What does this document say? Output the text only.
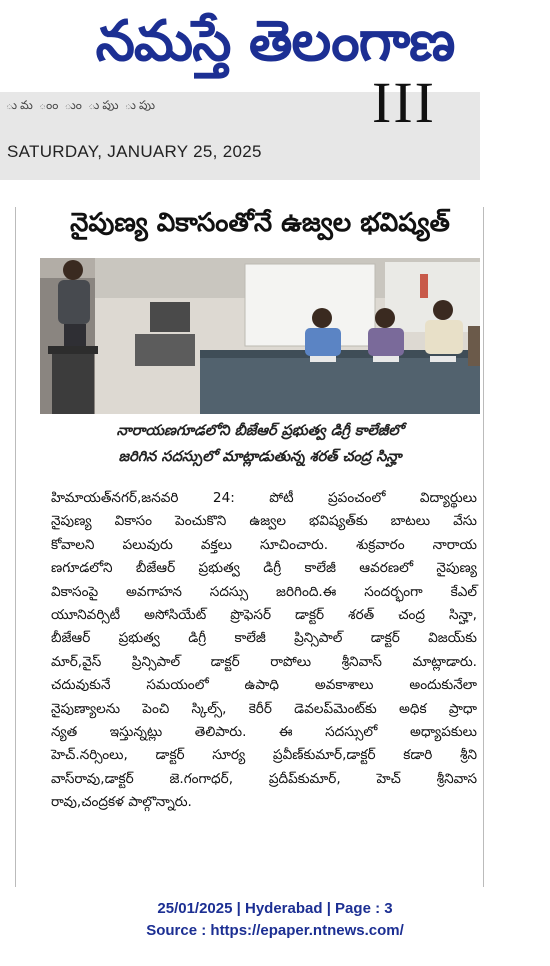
నమస్తే తెలంగాణ
ుమ ంం ుం ుపుు ుపుు	III
SATURDAY, JANUARY 25, 2025
నైపుణ్య వికాసంతోనే ఉజ్వల భవిష్యత్
నారాయణగూడలోని బీజేఆర్ ప్రభుత్వ డిగ్రీ కాలేజీలో
జరిగిన సదస్సులో మాట్లాడుతున్న శరత్ చంద్ర సిన్హా
హిమాయత్‌నగర్,జనవరి 24: పోటీ ప్రపంచంలో విద్యార్థులు
నైపుణ్య వికాసం పెంచుకొని ఉజ్వల భవిష్యత్‌కు బాటలు వేసు
కోవాలని పలువురు వక్తలు సూచించారు. శుక్రవారం నారాయ
ణగూడలోని బీజేఆర్ ప్రభుత్వ డిగ్రీ కాలేజీ ఆవరణలో నైపుణ్య
వికాసంపై అవగాహన సదస్సు జరిగింది.ఈ సందర్భంగా కేఎల్
యూనివర్సిటీ అసోసియేట్ ప్రొఫెసర్ డాక్టర్ శరత్ చంద్ర సిన్హా,
బీజేఆర్ ప్రభుత్వ డిగ్రీ కాలేజీ ప్రిన్సిపాల్ డాక్టర్ విజయ్‌కు
మార్,వైస్ ప్రిన్సిపాల్ డాక్టర్ రాపోలు శ్రీనివాస్ మాట్లాడారు.
చదువుకునే సమయంలో ఉపాధి అవకాశాలు అందుకునేలా
నైపుణ్యాలను పెంచి స్కిల్స్, కెరీర్ డెవలప్‌మెంట్‌కు అధిక ప్రాధా
న్యత ఇస్తున్నట్లు తెలిపారు. ఈ సదస్సులో అధ్యాపకులు
హెచ్.నర్సింలు, డాక్టర్ సూర్య ప్రవీణ్‌కుమార్,డాక్టర్ కడారి శ్రీని
వాస్‌రావు,డాక్టర్ జె.గంగాధర్, ప్రదీప్‌కుమార్, హెచ్ శ్రీనివాస
రావు,చంద్రకళ పాల్గొన్నారు.
25/01/2025 | Hyderabad | Page : 3
Source : https://epaper.ntnews.com/
